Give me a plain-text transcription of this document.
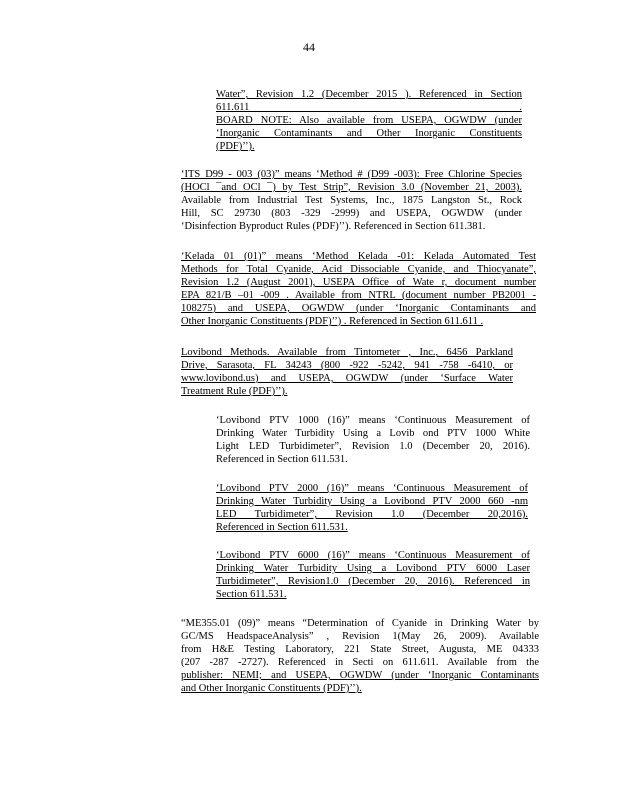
44
Water”, Revision 1.2 (December 2015 ). Referenced in Section
611.611 .
BOARD NOTE: Also available from USEPA, OGWDW (under
‘Inorganic Contaminants and Other Inorganic Constituents
(PDF)’’).
‘ITS D99 - 003 (03)” means ‘Method # (D99 -003): Free Chlorine Species
(HOCl ¯and OCl ¯) by Test Strip”, Revision 3.0 (November 21, 2003).
Available from Industrial Test Systems, Inc., 1875 Langston St., Rock
Hill, SC 29730 (803 -329 -2999) and USEPA, OGWDW (under
‘Disinfection Byproduct Rules (PDF)’’). Referenced in Section 611.381.
‘Kelada 01 (01)” means ‘Method Kelada -01: Kelada Automated Test
Methods for Total Cyanide, Acid Dissociable Cyanide, and Thiocyanate”,
Revision 1.2 (August 2001), USEPA Office of Wate r, document number
EPA 821/B –01 -009 . Available from NTRL (document number PB2001 -
108275) and USEPA, OGWDW (under ‘Inorganic Contaminants and
Other Inorganic Constituents (PDF)’’) . Referenced in Section 611.611 .
Lovibond Methods. Available from Tintometer , Inc., 6456 Parkland
Drive, Sarasota, FL 34243 (800 -922 -5242, 941 -758 -6410, or
www.lovibond.us) and USEPA, OGWDW (under ‘Surface Water
Treatment Rule (PDF)’’).
‘Lovibond PTV 1000 (16)” means ‘Continuous Measurement of
Drinking Water Turbidity Using a Lovib ond PTV 1000 White
Light LED Turbidimeter”, Revision 1.0 (December 20, 2016).
Referenced in Section 611.531.
‘Lovibond PTV 2000 (16)” means ‘Continuous Measurement of
Drinking Water Turbidity Using a Lovibond PTV 2000 660 -nm
LED Turbidimeter”, Revision 1.0 (December 20,2016).
Referenced in Section 611.531.
‘Lovibond PTV 6000 (16)” means ‘Continuous Measurement of
Drinking Water Turbidity Using a Lovibond PTV 6000 Laser
Turbidimeter”, Revision1.0 (December 20, 2016). Referenced in
Section 611.531.
“ME355.01 (09)” means “Determination of Cyanide in Drinking Water by
GC/MS HeadspaceAnalysis” , Revision 1(May 26, 2009). Available
from H&E Testing Laboratory, 221 State Street, Augusta, ME 04333
(207 -287 -2727). Referenced in Secti on 611.611. Available from the
publisher: NEMI; and USEPA, OGWDW (under ‘Inorganic Contaminants
and Other Inorganic Constituents (PDF)’’).
